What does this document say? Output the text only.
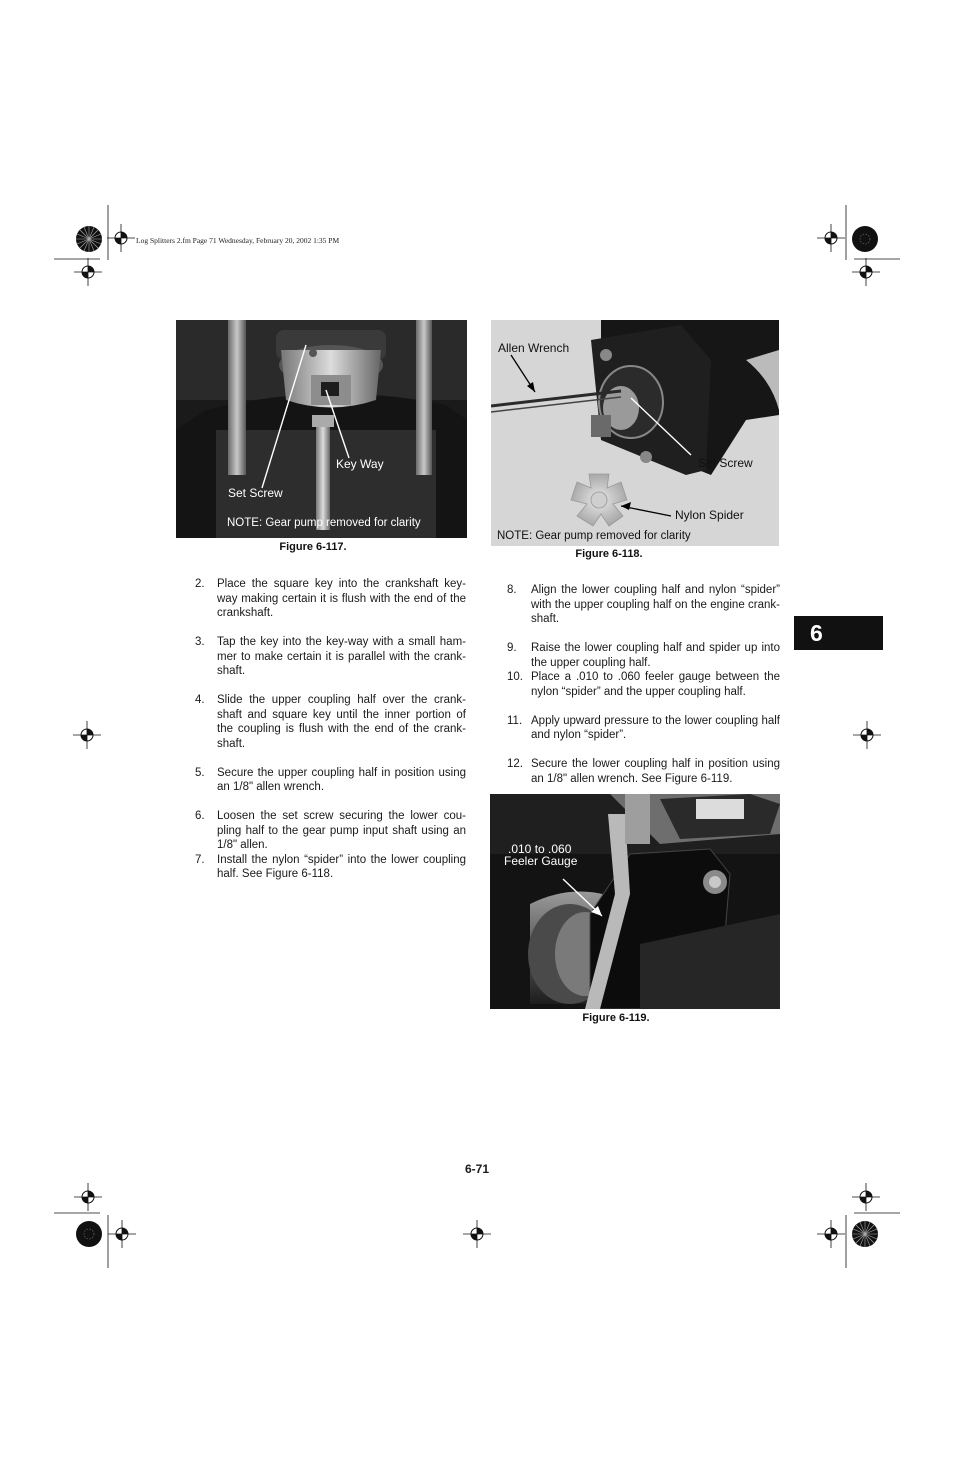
Log Splitters 2.fm Page 71 Wednesday, February 20, 2002 1:35 PM
Key Way
Set Screw
NOTE: Gear pump removed for clarity
Figure 6-117.
Allen Wrench
Set Screw
Nylon Spider
NOTE: Gear pump removed for clarity
Figure 6-118.
2. Place the square key into the crankshaft key-way making certain it is flush with the end of the crankshaft.
3. Tap the key into the key-way with a small ham-mer to make certain it is parallel with the crank-shaft.
4. Slide the upper coupling half over the crank-shaft and square key until the inner portion of the coupling is flush with the end of the crank-shaft.
5. Secure the upper coupling half in position using an 1/8" allen wrench.
6. Loosen the set screw securing the lower cou-pling half to the gear pump input shaft using an 1/8" allen.
7. Install the nylon “spider” into the lower coupling half. See Figure 6-118.
8. Align the lower coupling half and nylon “spider” with the upper coupling half on the engine crank-shaft.
9. Raise the lower coupling half and spider up into the upper coupling half.
10. Place a .010 to .060 feeler gauge between the nylon “spider” and the upper coupling half.
11. Apply upward pressure to the lower coupling half and nylon “spider”.
12. Secure the lower coupling half in position using an 1/8" allen wrench. See Figure 6-119.
.010 to .060
Feeler Gauge
Figure 6-119.
6
6-71
